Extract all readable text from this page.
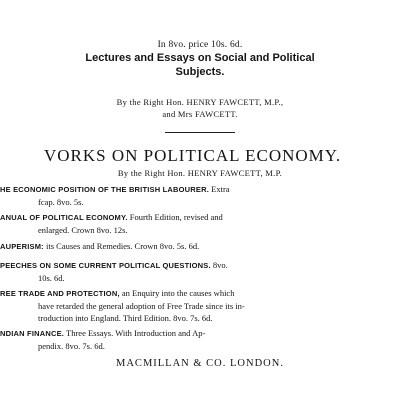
In 8vo. price 10s. 6d.
Lectures and Essays on Social and Political
Subjects.
By the Right Hon. HENRY FAWCETT, M.P.,
and Mrs FAWCETT.
VORKS ON POLITICAL ECONOMY.
By the Right Hon. HENRY FAWCETT, M.P.
HE ECONOMIC POSITION OF THE BRITISH LABOURER. Extra
fcap. 8vo. 5s.
ANUAL OF POLITICAL ECONOMY. Fourth Edition, revised and
enlarged. Crown 8vo. 12s.
AUPERISM: its Causes and Remedies. Crown 8vo. 5s. 6d.
PEECHES ON SOME CURRENT POLITICAL QUESTIONS. 8vo.
10s. 6d.
REE TRADE AND PROTECTION, an Enquiry into the causes which
have retarded the general adoption of Free Trade since its in-
troduction into England. Third Edition. 8vo. 7s. 6d.
NDIAN FINANCE. Three Essays. With Introduction and Ap-
pendix. 8vo. 7s. 6d.
MACMILLAN & CO. LONDON.
